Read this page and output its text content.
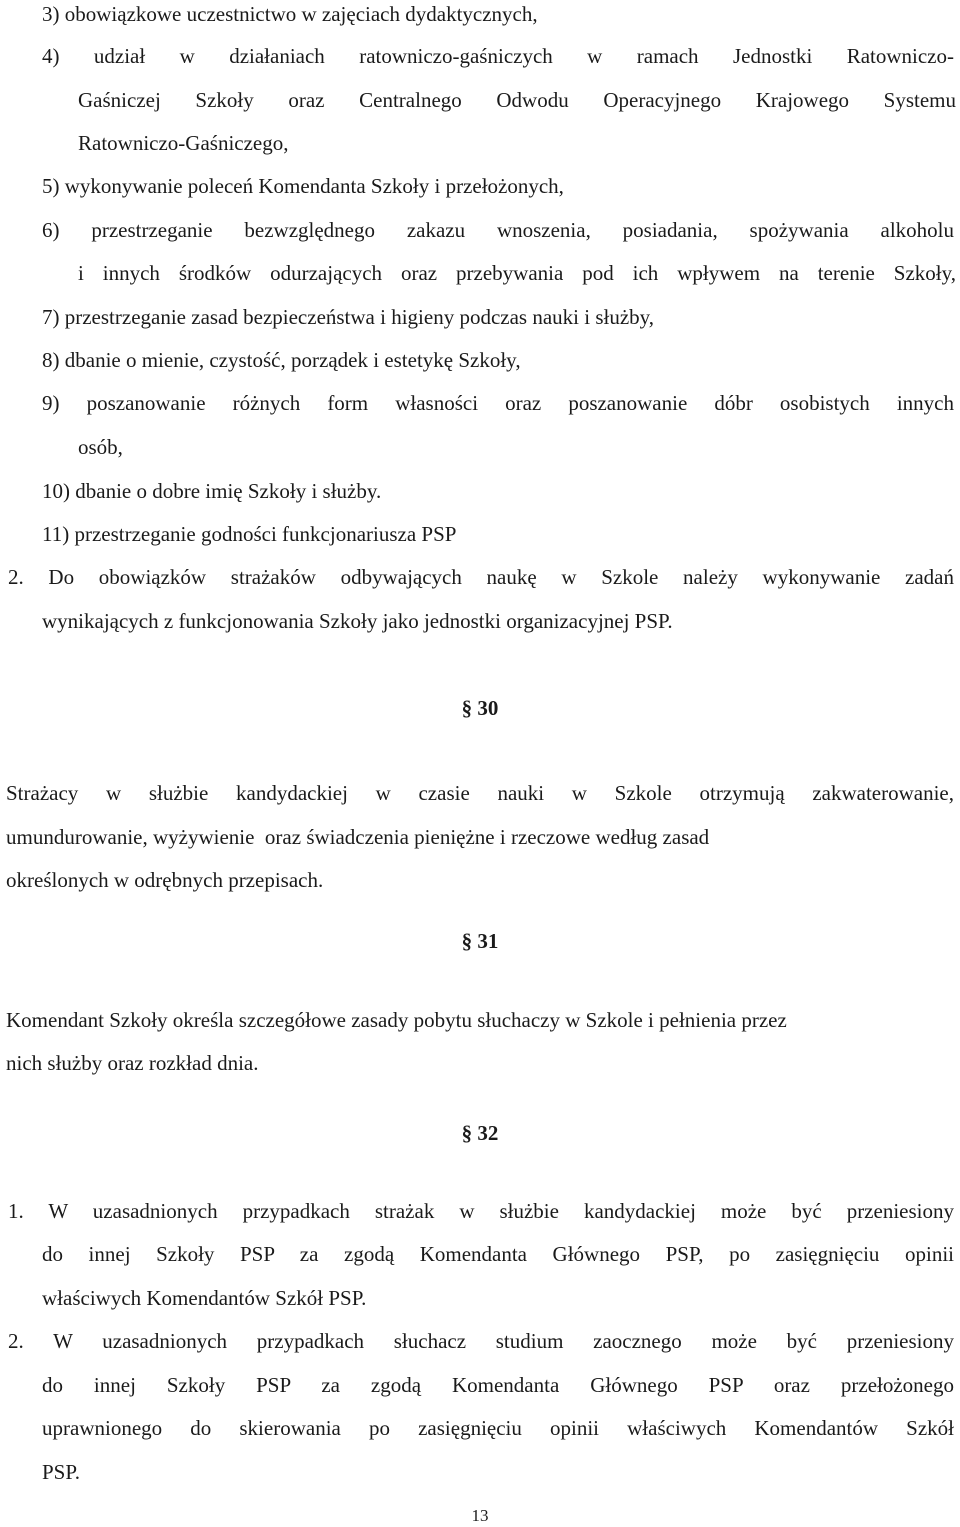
3) obowiązkowe uczestnictwo w zajęciach dydaktycznych,

4) udział w działaniach ratowniczo-gaśniczych w ramach Jednostki Ratowniczo-

Gaśniczej Szkoły oraz Centralnego Odwodu Operacyjnego Krajowego Systemu

Ratowniczo-Gaśniczego,

5) wykonywanie poleceń Komendanta Szkoły i przełożonych,

6) przestrzeganie bezwzględnego zakazu wnoszenia, posiadania, spożywania alkoholu

i innych środków odurzających oraz przebywania pod ich wpływem na terenie Szkoły,

7) przestrzeganie zasad bezpieczeństwa i higieny podczas nauki i służby,

8) dbanie o mienie, czystość, porządek i estetykę Szkoły,

9) poszanowanie różnych form własności oraz poszanowanie dóbr osobistych innych

osób,

10) dbanie o dobre imię Szkoły i służby.

11) przestrzeganie godności funkcjonariusza PSP

2. Do obowiązków strażaków odbywających naukę w Szkole należy wykonywanie zadań

wynikających z funkcjonowania Szkoły jako jednostki organizacyjnej PSP.

§ 30

Strażacy w służbie kandydackiej w czasie nauki w Szkole otrzymują zakwaterowanie,

umundurowanie, wyżywienie  oraz świadczenia pieniężne i rzeczowe według zasad

określonych w odrębnych przepisach.

§ 31

Komendant Szkoły określa szczegółowe zasady pobytu słuchaczy w Szkole i pełnienia przez

nich służby oraz rozkład dnia.

§ 32

1. W uzasadnionych przypadkach strażak w służbie kandydackiej może być przeniesiony

do innej Szkoły PSP za zgodą Komendanta Głównego PSP, po zasięgnięciu opinii

właściwych Komendantów Szkół PSP.

2. W uzasadnionych przypadkach słuchacz studium zaocznego może być przeniesiony

do innej Szkoły PSP za zgodą Komendanta Głównego PSP oraz przełożonego

uprawnionego do skierowania po zasięgnięciu opinii właściwych Komendantów Szkół

PSP.

13
